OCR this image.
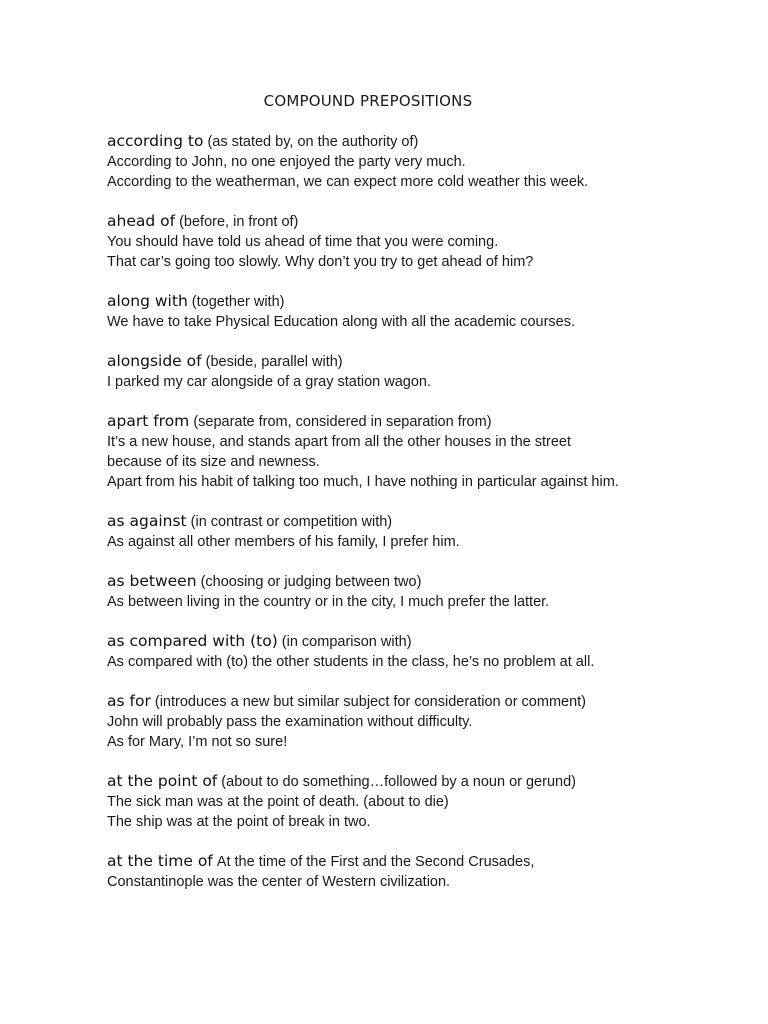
COMPOUND PREPOSITIONS
according to (as stated by, on the authority of)
According to John, no one enjoyed the party very much.
According to the weatherman, we can expect more cold weather this week.
ahead of (before, in front of)
You should have told us ahead of time that you were coming.
That car’s going too slowly. Why don’t you try to get ahead of him?
along with (together with)
We have to take Physical Education along with all the academic courses.
alongside of (beside, parallel with)
I parked my car alongside of a gray station wagon.
apart from (separate from, considered in separation from)
It’s a new house, and stands apart from all the other houses in the street
because of its size and newness.
Apart from his habit of talking too much, I have nothing in particular against him.
as against (in contrast or competition with)
As against all other members of his family, I prefer him.
as between (choosing or judging between two)
As between living in the country or in the city, I much prefer the latter.
as compared with (to) (in comparison with)
As compared with (to) the other students in the class, he’s no problem at all.
as for (introduces a new but similar subject for consideration or comment)
John will probably pass the examination without difficulty.
As for Mary, I’m not so sure!
at the point of (about to do something…followed by a noun or gerund)
The sick man was at the point of death. (about to die)
The ship was at the point of break in two.
at the time of At the time of the First and the Second Crusades,
Constantinople was the center of Western civilization.
